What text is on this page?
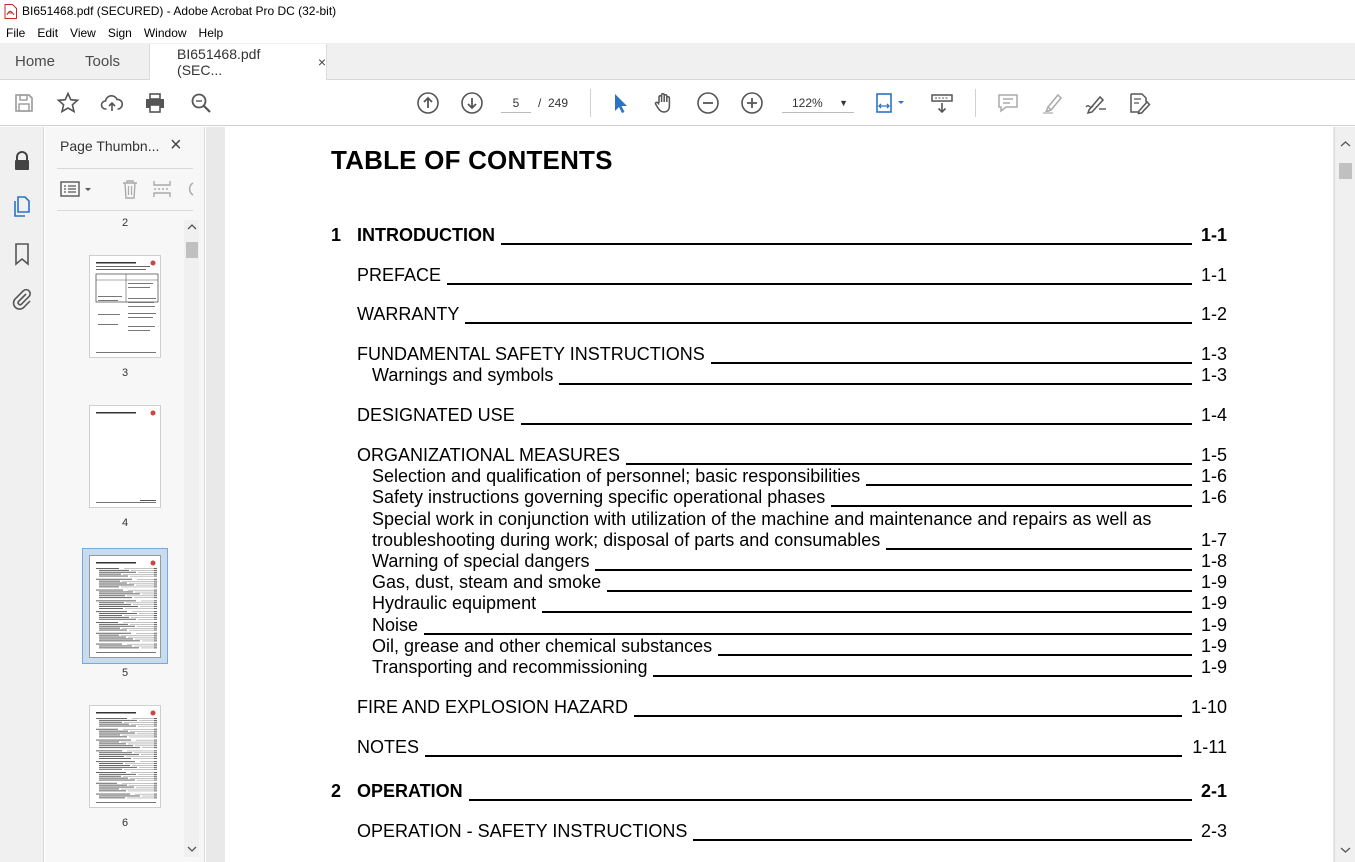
BI651468.pdf (SECURED) - Adobe Acrobat Pro DC (32-bit)
File	Edit	View	Sign	Window	Help
Home	Tools	BI651468.pdf (SEC...	×
5	/ 249	122% ▼
Page Thumbn... ×
2
3
4
5
6
TABLE OF CONTENTS
1 INTRODUCTION	1-1
PREFACE	1-1
WARRANTY	1-2
FUNDAMENTAL SAFETY INSTRUCTIONS	1-3
Warnings and symbols	1-3
DESIGNATED USE	1-4
ORGANIZATIONAL MEASURES	1-5
Selection and qualification of personnel; basic responsibilities	1-6
Safety instructions governing specific operational phases	1-6
Special work in conjunction with utilization of the machine and maintenance and repairs as well as
troubleshooting during work; disposal of parts and consumables	1-7
Warning of special dangers	1-8
Gas, dust, steam and smoke	1-9
Hydraulic equipment	1-9
Noise	1-9
Oil, grease and other chemical substances	1-9
Transporting and recommissioning	1-9
FIRE AND EXPLOSION HAZARD	1-10
NOTES	1-11
2 OPERATION	2-1
OPERATION - SAFETY INSTRUCTIONS	2-3
